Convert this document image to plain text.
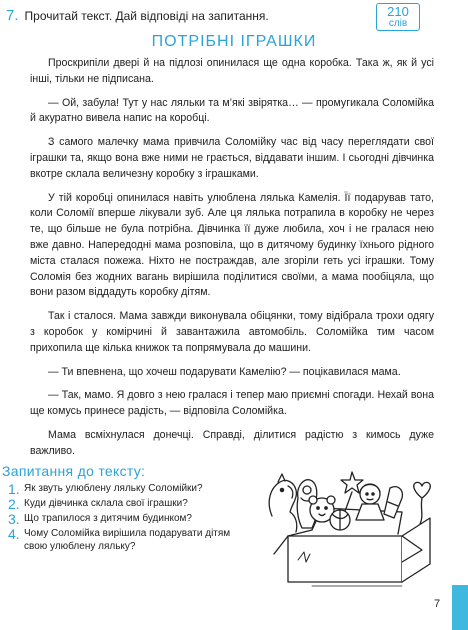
7. Прочитай текст. Дай відповіді на запитання.	210
слів
ПОТРІБНІ ІГРАШКИ

Проскрипіли двері й на підлозі опинилася ще одна коробка. Така ж, як й усі інші, тільки не підписана.

— Ой, забула! Тут у нас ляльки та м’які звірятка… — промугикала Соломійка й акуратно вивела напис на коробці.

З самого малечку мама привчила Соломійку час від часу переглядати свої іграшки та, якщо вона вже ними не грається, віддавати іншим. І сьогодні дівчинка вкотре склала величезну коробку з іграшками.

У тій коробці опинилася навіть улюблена лялька Камелія. Її подарував тато, коли Соломії вперше лікували зуб. Але ця лялька потрапила в коробку не через те, що більше не була потрібна. Дівчинка її дуже любила, хоч і не гралася нею вже давно. Напередодні мама розповіла, що в дитячому будинку їхнього рідного міста сталася пожежа. Ніхто не постраждав, але згоріли геть усі іграшки. Тому Соломія без жодних вагань вирішила поділитися своїми, а мама пообіцяла, що вони разом віддадуть коробку дітям.

Так і сталося. Мама завжди виконувала обіцянки, тому відібрала трохи одягу з коробок у комірчині й завантажила автомобіль. Соломійка тим часом прихопила ще кілька книжок та попрямувала до машини.

— Ти впевнена, що хочеш подарувати Камелію? — поцікавилася мама.

— Так, мамо. Я довго з нею гралася і тепер маю приємні спогади. Нехай вона ще комусь принесе радість, — відповіла Соломійка.

Мама всміхнулася донечці. Справді, ділитися радістю з кимось дуже важливо.

Запитання до тексту:
1. Як звуть улюблену ляльку Соломійки?
2. Куди дівчинка склала свої іграшки?
3. Що трапилося з дитячим будинком?
4. Чому Соломійка вирішила подарувати дітям свою улюблену ляльку?
7
